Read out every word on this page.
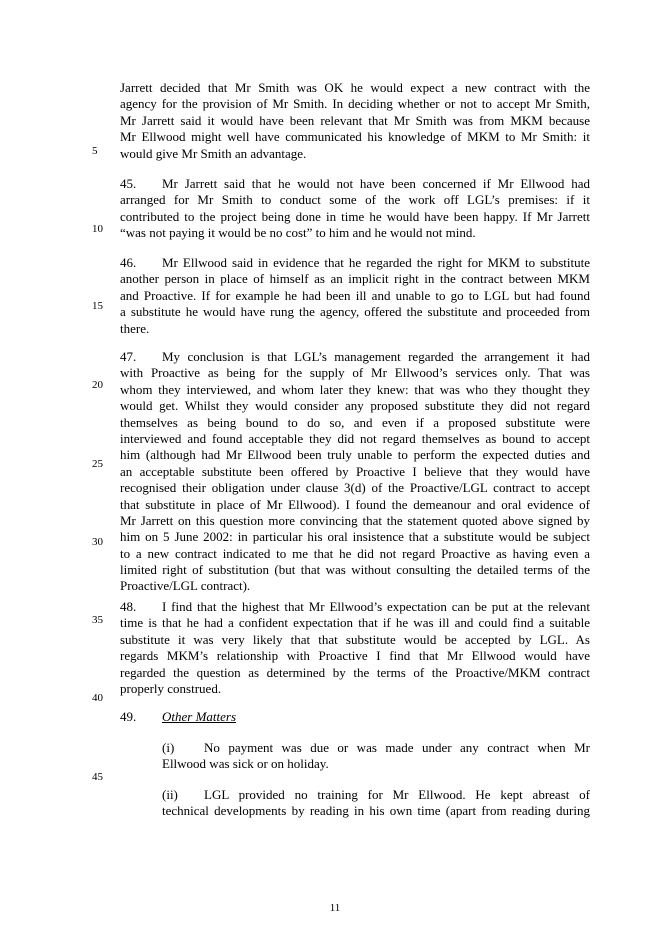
5
10
15
20
25
30
35
40
45
Jarrett decided that Mr Smith was OK he would expect a new contract with the
agency for the provision of Mr Smith. In deciding whether or not to accept Mr Smith,
Mr Jarrett said it would have been relevant that Mr Smith was from MKM because
Mr Ellwood might well have communicated his knowledge of MKM to Mr Smith: it
would give Mr Smith an advantage.
45. Mr Jarrett said that he would not have been concerned if Mr Ellwood had
arranged for Mr Smith to conduct some of the work off LGL’s premises: if it
contributed to the project being done in time he would have been happy. If Mr Jarrett
“was not paying it would be no cost” to him and he would not mind.
46. Mr Ellwood said in evidence that he regarded the right for MKM to substitute
another person in place of himself as an implicit right in the contract between MKM
and Proactive. If for example he had been ill and unable to go to LGL but had found
a substitute he would have rung the agency, offered the substitute and proceeded from
there.
47. My conclusion is that LGL’s management regarded the arrangement it had
with Proactive as being for the supply of Mr Ellwood’s services only. That was
whom they interviewed, and whom later they knew: that was who they thought they
would get. Whilst they would consider any proposed substitute they did not regard
themselves as being bound to do so, and even if a proposed substitute were
interviewed and found acceptable they did not regard themselves as bound to accept
him (although had Mr Ellwood been truly unable to perform the expected duties and
an acceptable substitute been offered by Proactive I believe that they would have
recognised their obligation under clause 3(d) of the Proactive/LGL contract to accept
that substitute in place of Mr Ellwood). I found the demeanour and oral evidence of
Mr Jarrett on this question more convincing that the statement quoted above signed by
him on 5 June 2002: in particular his oral insistence that a substitute would be subject
to a new contract indicated to me that he did not regard Proactive as having even a
limited right of substitution (but that was without consulting the detailed terms of the
Proactive/LGL contract).
48. I find that the highest that Mr Ellwood’s expectation can be put at the relevant
time is that he had a confident expectation that if he was ill and could find a suitable
substitute it was very likely that that substitute would be accepted by LGL. As
regards MKM’s relationship with Proactive I find that Mr Ellwood would have
regarded the question as determined by the terms of the Proactive/MKM contract
properly construed.
49. Other Matters
(i) No payment was due or was made under any contract when Mr
Ellwood was sick or on holiday.
(ii) LGL provided no training for Mr Ellwood. He kept abreast of
technical developments by reading in his own time (apart from reading during
11
